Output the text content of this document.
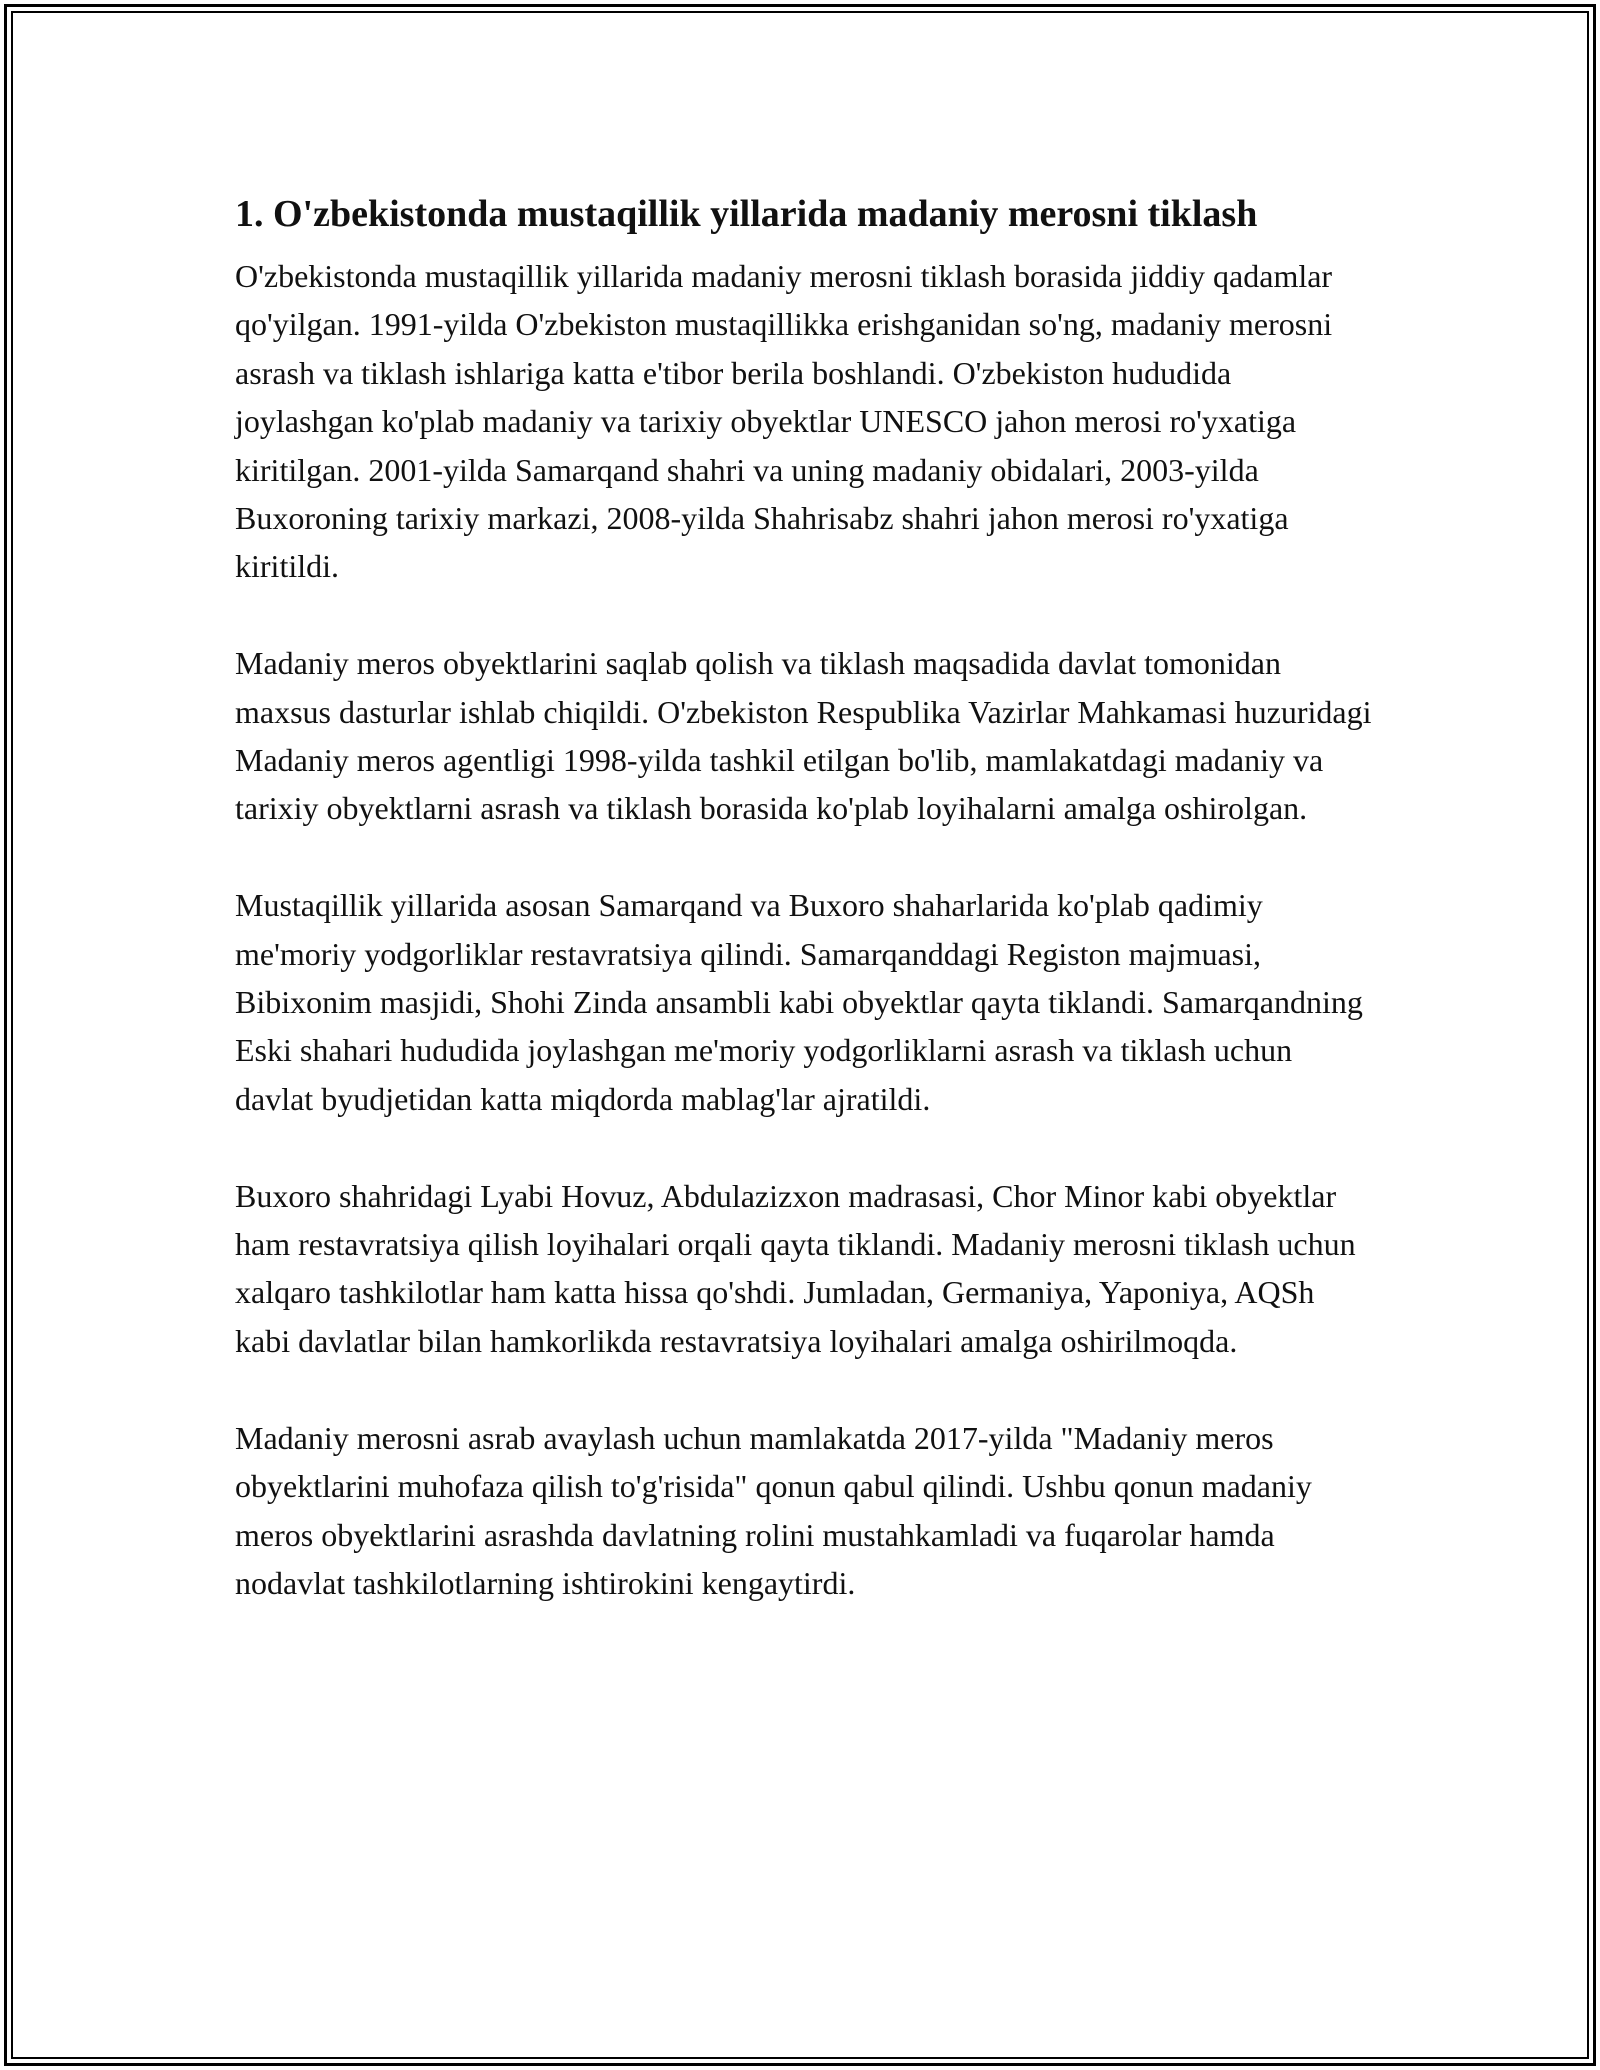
1. O'zbekistonda mustaqillik yillarida madaniy merosni tiklash

O'zbekistonda mustaqillik yillarida madaniy merosni tiklash borasida jiddiy qadamlar qo'yilgan. 1991-yilda O'zbekiston mustaqillikka erishganidan so'ng, madaniy merosni asrash va tiklash ishlariga katta e'tibor berila boshlandi. O'zbekiston hududida joylashgan ko'plab madaniy va tarixiy obyektlar UNESCO jahon merosi ro'yxatiga kiritilgan. 2001-yilda Samarqand shahri va uning madaniy obidalari, 2003-yilda Buxoroning tarixiy markazi, 2008-yilda Shahrisabz shahri jahon merosi ro'yxatiga kiritildi.

Madaniy meros obyektlarini saqlab qolish va tiklash maqsadida davlat tomonidan maxsus dasturlar ishlab chiqildi. O'zbekiston Respublika Vazirlar Mahkamasi huzuridagi Madaniy meros agentligi 1998-yilda tashkil etilgan bo'lib, mamlakatdagi madaniy va tarixiy obyektlarni asrash va tiklash borasida ko'plab loyihalarni amalga oshirolgan.

Mustaqillik yillarida asosan Samarqand va Buxoro shaharlarida ko'plab qadimiy me'moriy yodgorliklar restavratsiya qilindi. Samarqanddagi Registon majmuasi, Bibixonim masjidi, Shohi Zinda ansambli kabi obyektlar qayta tiklandi. Samarqandning Eski shahari hududida joylashgan me'moriy yodgorliklarni asrash va tiklash uchun davlat byudjetidan katta miqdorda mablag'lar ajratildi.

Buxoro shahridagi Lyabi Hovuz, Abdulazizxon madrasasi, Chor Minor kabi obyektlar ham restavratsiya qilish loyihalari orqali qayta tiklandi. Madaniy merosni tiklash uchun xalqaro tashkilotlar ham katta hissa qo'shdi. Jumladan, Germaniya, Yaponiya, AQSh kabi davlatlar bilan hamkorlikda restavratsiya loyihalari amalga oshirilmoqda.

Madaniy merosni asrab avaylash uchun mamlakatda 2017-yilda "Madaniy meros obyektlarini muhofaza qilish to'g'risida" qonun qabul qilindi. Ushbu qonun madaniy meros obyektlarini asrashda davlatning rolini mustahkamladi va fuqarolar hamda nodavlat tashkilotlarning ishtirokini kengaytirdi.
